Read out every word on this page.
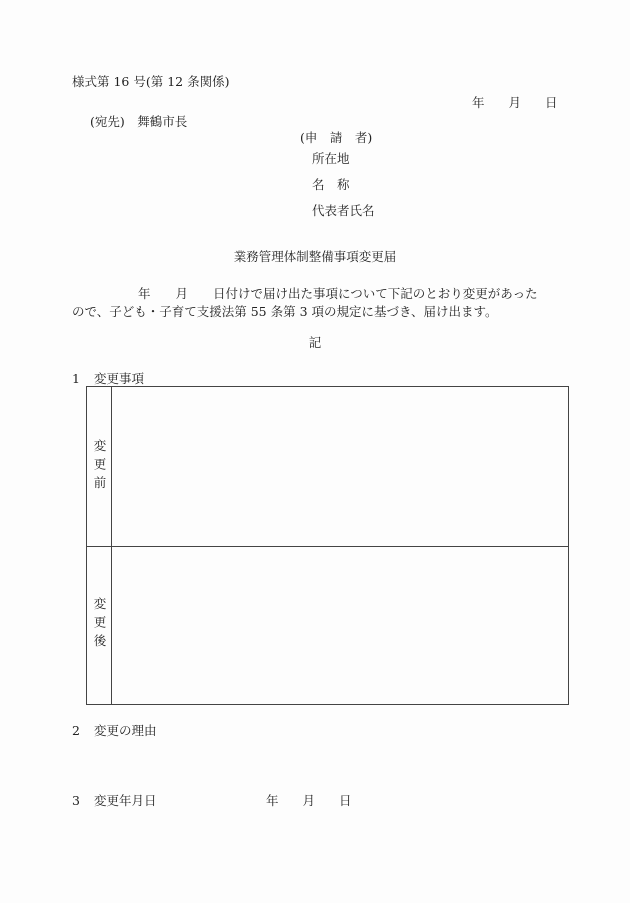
様式第 16 号(第 12 条関係)
年 月 日
(宛先)　舞鶴市長
(申　請　者)
所在地
名　称
代表者氏名
業務管理体制整備事項変更届
年　　月　　日付けで届け出た事項について下記のとおり変更があった
ので、子ども・子育て支援法第 55 条第 3 項の規定に基づき、届け出ます。
記
1 変更事項
変更前
変更後
2 変更の理由
3 変更年月日	年 月 日
